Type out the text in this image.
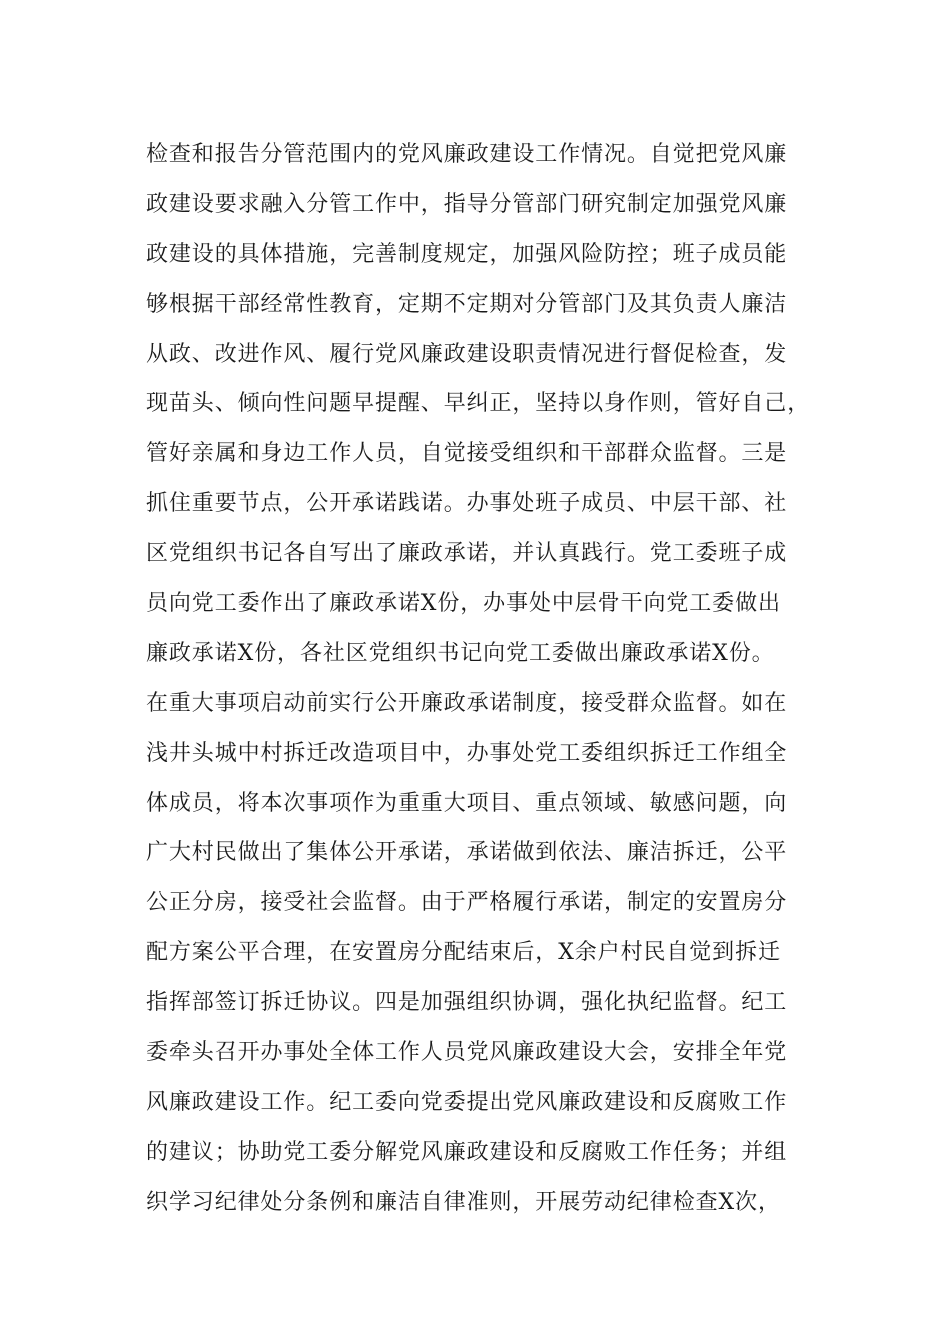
检查和报告分管范围内的党风廉政建设工作情况。自觉把党风廉
政建设要求融入分管工作中，指导分管部门研究制定加强党风廉
政建设的具体措施，完善制度规定，加强风险防控；班子成员能
够根据干部经常性教育，定期不定期对分管部门及其负责人廉洁
从政、改进作风、履行党风廉政建设职责情况进行督促检查，发
现苗头、倾向性问题早提醒、早纠正，坚持以身作则，管好自己，
管好亲属和身边工作人员，自觉接受组织和干部群众监督。三是
抓住重要节点，公开承诺践诺。办事处班子成员、中层干部、社
区党组织书记各自写出了廉政承诺，并认真践行。党工委班子成
员向党工委作出了廉政承诺X份，办事处中层骨干向党工委做出
廉政承诺X份，各社区党组织书记向党工委做出廉政承诺X份。
在重大事项启动前实行公开廉政承诺制度，接受群众监督。如在
浅井头城中村拆迁改造项目中，办事处党工委组织拆迁工作组全
体成员，将本次事项作为重重大项目、重点领域、敏感问题，向
广大村民做出了集体公开承诺，承诺做到依法、廉洁拆迁，公平
公正分房，接受社会监督。由于严格履行承诺，制定的安置房分
配方案公平合理，在安置房分配结束后，X余户村民自觉到拆迁
指挥部签订拆迁协议。四是加强组织协调，强化执纪监督。纪工
委牵头召开办事处全体工作人员党风廉政建设大会，安排全年党
风廉政建设工作。纪工委向党委提出党风廉政建设和反腐败工作
的建议；协助党工委分解党风廉政建设和反腐败工作任务；并组
织学习纪律处分条例和廉洁自律准则，开展劳动纪律检查X次，
